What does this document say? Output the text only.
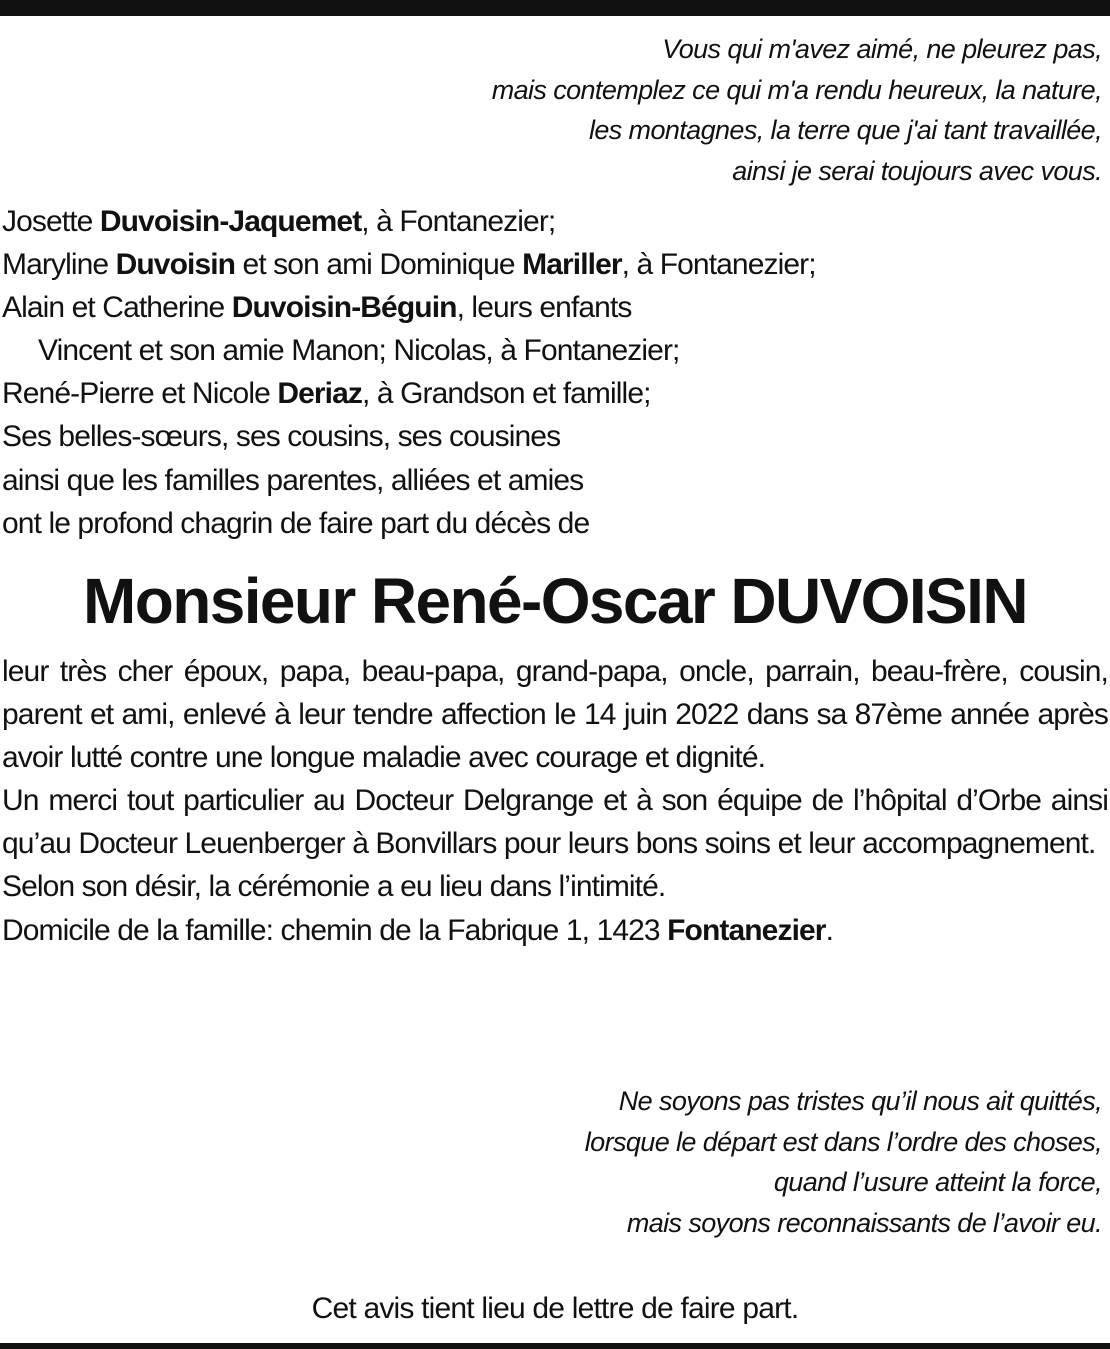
Vous qui m'avez aimé, ne pleurez pas,
mais contemplez ce qui m'a rendu heureux, la nature,
les montagnes, la terre que j'ai tant travaillée,
ainsi je serai toujours avec vous.
Josette Duvoisin-Jaquemet, à Fontanezier;
Maryline Duvoisin et son ami Dominique Mariller, à Fontanezier;
Alain et Catherine Duvoisin-Béguin, leurs enfants
Vincent et son amie Manon; Nicolas, à Fontanezier;
René-Pierre et Nicole Deriaz, à Grandson et famille;
Ses belles-sœurs, ses cousins, ses cousines
ainsi que les familles parentes, alliées et amies
ont le profond chagrin de faire part du décès de
Monsieur René-Oscar DUVOISIN

leur très cher époux, papa, beau-papa, grand-papa, oncle, parrain, beau-frère, cousin, parent et ami, enlevé à leur tendre affection le 14 juin 2022 dans sa 87ème année après avoir lutté contre une longue maladie avec courage et dignité.

Un merci tout particulier au Docteur Delgrange et à son équipe de l’hôpital d’Orbe ainsi qu’au Docteur Leuenberger à Bonvillars pour leurs bons soins et leur accompagnement.

Selon son désir, la cérémonie a eu lieu dans l’intimité.

Domicile de la famille: chemin de la Fabrique 1, 1423 Fontanezier.

Ne soyons pas tristes qu’il nous ait quittés,
lorsque le départ est dans l’ordre des choses,
quand l’usure atteint la force,
mais soyons reconnaissants de l’avoir eu.
Cet avis tient lieu de lettre de faire part.
